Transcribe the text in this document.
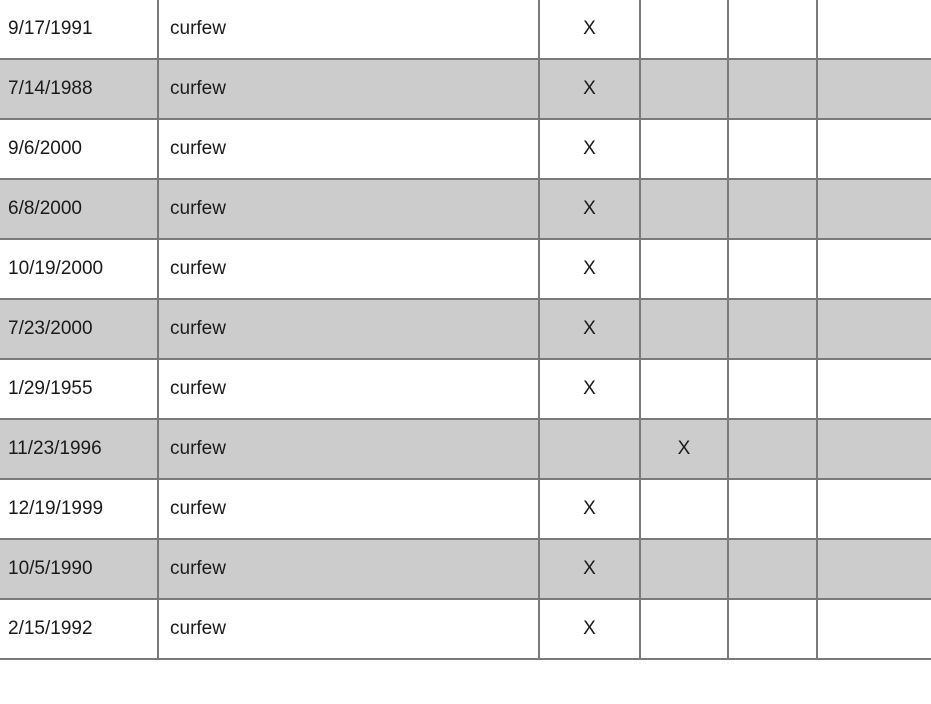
9/17/1991	curfew	X			
7/14/1988	curfew	X			
9/6/2000	curfew	X			
6/8/2000	curfew	X			
10/19/2000	curfew	X			
7/23/2000	curfew	X			
1/29/1955	curfew	X			
11/23/1996	curfew		X		
12/19/1999	curfew	X			
10/5/1990	curfew	X			
2/15/1992	curfew	X			
